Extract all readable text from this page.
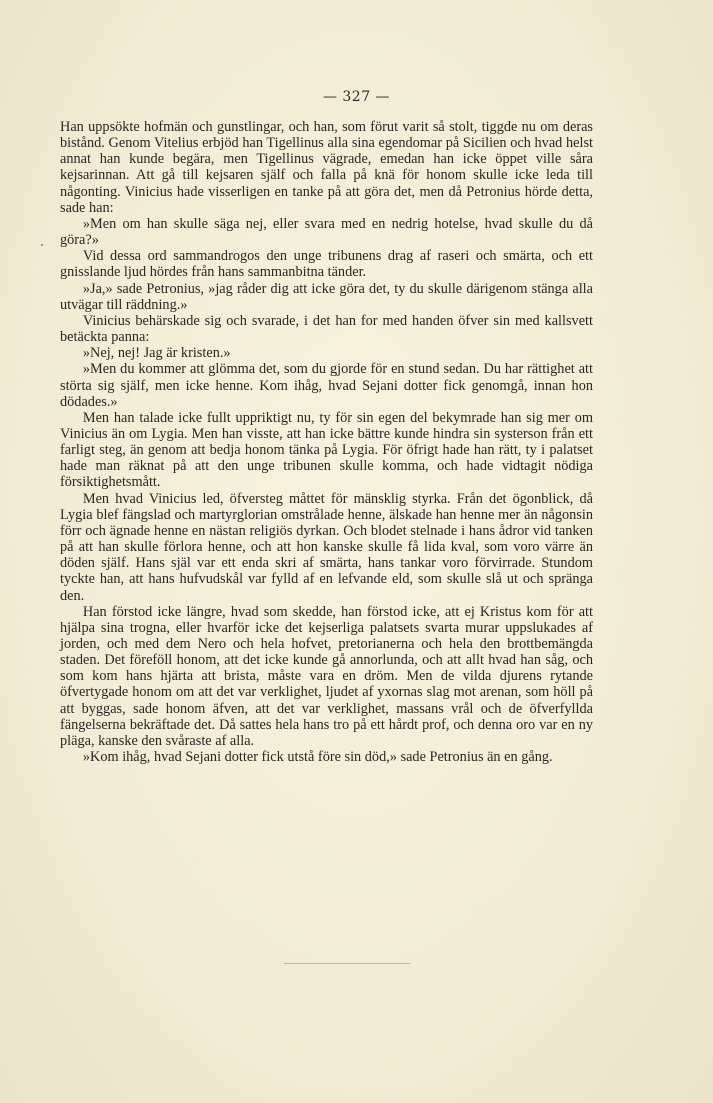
— 327 —

Han uppsökte hofmän och gunstlingar, och han, som förut varit så stolt, tiggde nu om deras bistånd. Genom Vitelius erbjöd han Tigellinus alla sina egendomar på Sicilien och hvad helst annat han kunde begära, men Tigellinus vägrade, emedan han icke öppet ville såra kejsarinnan. Att gå till kejsaren själf och falla på knä för honom skulle icke leda till någonting. Vinicius hade visserligen en tanke på att göra det, men då Petronius hörde detta, sade han:

»Men om han skulle säga nej, eller svara med en nedrig hotelse, hvad skulle du då göra?»

Vid dessa ord sammandrogos den unge tribunens drag af raseri och smärta, och ett gnisslande ljud hördes från hans sammanbitna tänder.

»Ja,» sade Petronius, »jag råder dig att icke göra det, ty du skulle därigenom stänga alla utvägar till räddning.»

Vinicius behärskade sig och svarade, i det han for med handen öfver sin med kallsvett betäckta panna:

»Nej, nej! Jag är kristen.»

»Men du kommer att glömma det, som du gjorde för en stund sedan. Du har rättighet att störta sig själf, men icke henne. Kom ihåg, hvad Sejani dotter fick genomgå, innan hon dödades.»

Men han talade icke fullt uppriktigt nu, ty för sin egen del bekymrade han sig mer om Vinicius än om Lygia. Men han visste, att han icke bättre kunde hindra sin systerson från ett farligt steg, än genom att bedja honom tänka på Lygia. För öfrigt hade han rätt, ty i palatset hade man räknat på att den unge tribunen skulle komma, och hade vidtagit nödiga försiktighetsmått.

Men hvad Vinicius led, öfversteg måttet för mänsklig styrka. Från det ögonblick, då Lygia blef fängslad och martyrglorian omstrålade henne, älskade han henne mer än någonsin förr och ägnade henne en nästan religiös dyrkan. Och blodet stelnade i hans ådror vid tanken på att han skulle förlora henne, och att hon kanske skulle få lida kval, som voro värre än döden själf. Hans själ var ett enda skri af smärta, hans tankar voro förvirrade. Stundom tyckte han, att hans hufvudskål var fylld af en lefvande eld, som skulle slå ut och spränga den.

Han förstod icke längre, hvad som skedde, han förstod icke, att ej Kristus kom för att hjälpa sina trogna, eller hvarför icke det kejserliga palatsets svarta murar uppslukades af jorden, och med dem Nero och hela hofvet, pretorianerna och hela den brottbemängda staden. Det föreföll honom, att det icke kunde gå annorlunda, och att allt hvad han såg, och som kom hans hjärta att brista, måste vara en dröm. Men de vilda djurens rytande öfvertygade honom om att det var verklighet, ljudet af yxornas slag mot arenan, som höll på att byggas, sade honom äfven, att det var verklighet, massans vrål och de öfverfyllda fängelserna bekräftade det. Då sattes hela hans tro på ett hårdt prof, och denna oro var en ny pläga, kanske den svåraste af alla.

»Kom ihåg, hvad Sejani dotter fick utstå före sin död,» sade Petronius än en gång.
